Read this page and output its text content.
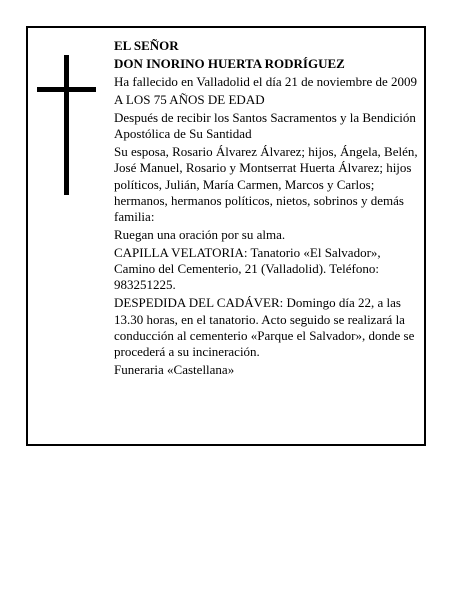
EL SEÑOR

DON INORINO HUERTA RODRÍGUEZ

Ha fallecido en Valladolid el día 21 de noviembre de 2009

A LOS 75 AÑOS DE EDAD

Después de recibir los Santos Sacramentos y la Bendición Apostólica de Su Santidad

Su esposa, Rosario Álvarez Álvarez; hijos, Ángela, Belén, José Manuel, Rosario y Montserrat Huerta Álvarez; hijos políticos, Julián, María Carmen, Marcos y Carlos; hermanos, hermanos políticos, nietos, sobrinos y demás familia:

Ruegan una oración por su alma.

CAPILLA VELATORIA: Tanatorio «El Salvador», Camino del Cementerio, 21 (Valladolid). Teléfono: 983251225.

DESPEDIDA DEL CADÁVER: Domingo día 22, a las 13.30 horas, en el tanatorio. Acto seguido se realizará la conducción al cementerio «Parque el Salvador», donde se procederá a su incineración.

Funeraria «Castellana»
